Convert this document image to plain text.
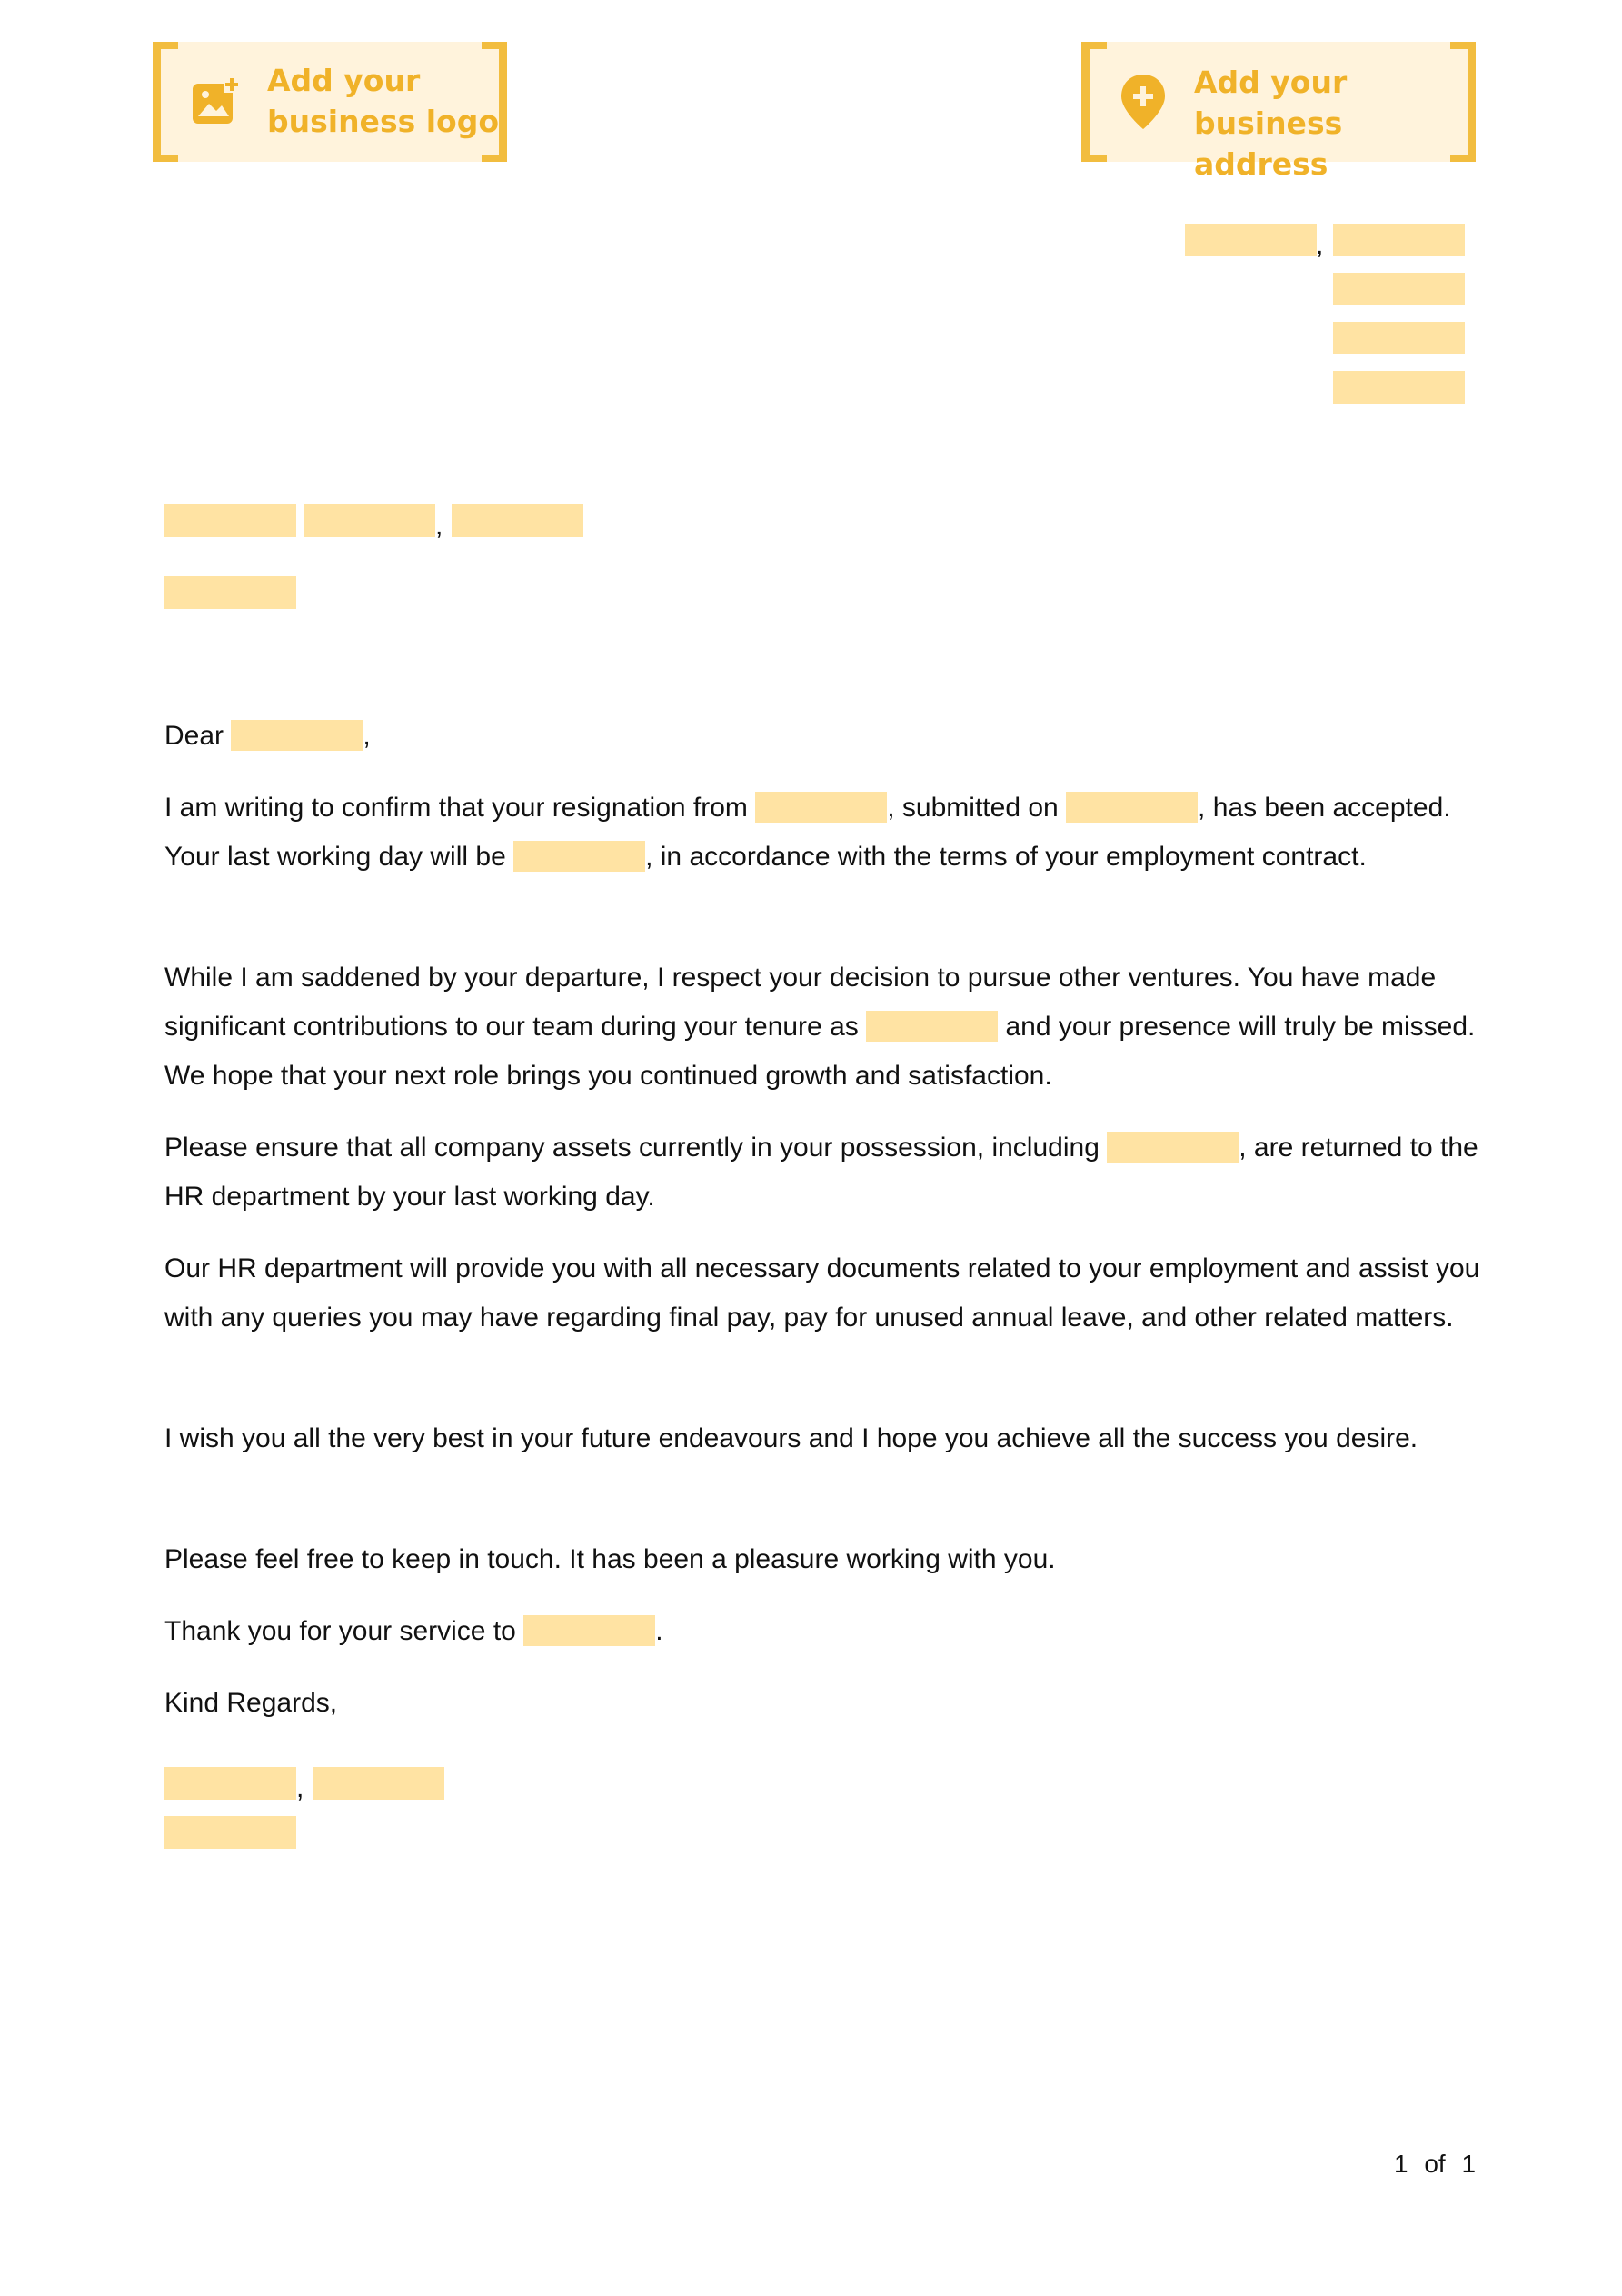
Add your
business logo
Add your
business address
,
,

Dear	,

I am writing to confirm that your resignation from	, submitted on	, has been accepted. Your last working day will be	, in accordance with the terms of your employment contract.

While I am saddened by your departure, I respect your decision to pursue other ventures. You have made significant contributions to our team during your tenure as	and your presence will truly be missed. We hope that your next role brings you continued growth and satisfaction.

Please ensure that all company assets currently in your possession, including	, are returned to the HR department by your last working day.

Our HR department will provide you with all necessary documents related to your employment and assist you with any queries you may have regarding final pay, pay for unused annual leave, and other related matters.

I wish you all the very best in your future endeavours and I hope you achieve all the success you desire.

Please feel free to keep in touch. It has been a pleasure working with you.

Thank you for your service to	.

Kind Regards,

,
1 of 1
